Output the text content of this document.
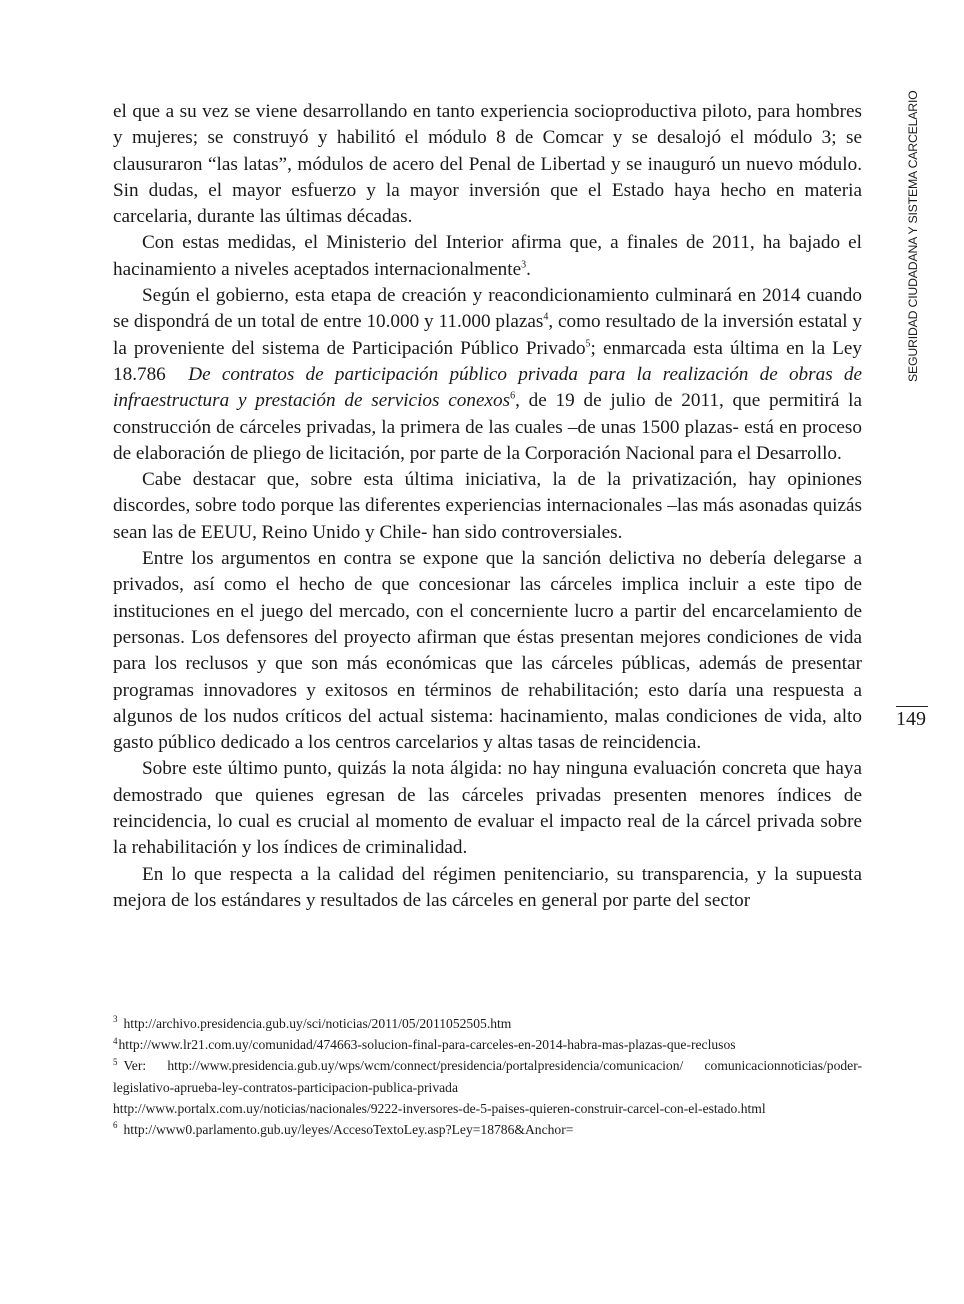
SEGURIDAD CIUDADANA Y SISTEMA CARCELARIO
149

el que a su vez se viene desarrollando en tanto experiencia socioproductiva piloto, para hombres y mujeres; se construyó y habilitó el módulo 8 de Comcar y se desalojó el módulo 3; se clausuraron “las latas”, módulos de acero del Penal de Libertad y se inauguró un nuevo módulo. Sin dudas, el mayor esfuerzo y la mayor inversión que el Estado haya hecho en materia carcelaria, durante las últimas décadas.

Con estas medidas, el Ministerio del Interior afirma que, a finales de 2011, ha bajado el hacinamiento a niveles aceptados internacionalmente$^3$.

Según el gobierno, esta etapa de creación y reacondicionamiento culminará en 2014 cuando se dispondrá de un total de entre 10.000 y 11.000 plazas$^4$, como resultado de la inversión estatal y la proveniente del sistema de Participación Público Privado$^5$; enmarcada esta última en la Ley 18.786  De contratos de participación público privada para la realización de obras de infraestructura y prestación de servicios conexos$^6$, de 19 de julio de 2011, que permitirá la construcción de cárceles privadas, la primera de las cuales –de unas 1500 plazas- está en proceso de elaboración de pliego de licitación, por parte de la Corporación Nacional para el Desarrollo.

Cabe destacar que, sobre esta última iniciativa, la de la privatización, hay opiniones discordes, sobre todo porque las diferentes experiencias internacionales –las más asonadas quizás sean las de EEUU, Reino Unido y Chile- han sido controversiales.

Entre los argumentos en contra se expone que la sanción delictiva no debería delegarse a privados, así como el hecho de que concesionar las cárceles implica incluir a este tipo de instituciones en el juego del mercado, con el concerniente lucro a partir del encarcelamiento de personas. Los defensores del proyecto afirman que éstas presentan mejores condiciones de vida para los reclusos y que son más económicas que las cárceles públicas, además de presentar programas innovadores y exitosos en términos de rehabilitación; esto daría una respuesta a algunos de los nudos críticos del actual sistema: hacinamiento, malas condiciones de vida, alto gasto público dedicado a los centros carcelarios y altas tasas de reincidencia.

Sobre este último punto, quizás la nota álgida: no hay ninguna evaluación concreta que haya demostrado que quienes egresan de las cárceles privadas presenten menores índices de reincidencia, lo cual es crucial al momento de evaluar el impacto real de la cárcel privada sobre la rehabilitación y los índices de criminalidad.

En lo que respecta a la calidad del régimen penitenciario, su transparencia, y la supuesta mejora de los estándares y resultados de las cárceles en general por parte del sector

$^3$ http://archivo.presidencia.gub.uy/sci/noticias/2011/05/2011052505.htm

$^4$http://www.lr21.com.uy/comunidad/474663-solucion-final-para-carceles-en-2014-habra-mas-plazas-que-reclusos

$^5$ Ver: http://www.presidencia.gub.uy/wps/wcm/connect/presidencia/portalpresidencia/comunicacion/ comunicacionnoticias/poder-legislativo-aprueba-ley-contratos-participacion-publica-privada

http://www.portalx.com.uy/noticias/nacionales/9222-inversores-de-5-paises-quieren-construir-carcel-con-el-estado.html

$^6$ http://www0.parlamento.gub.uy/leyes/AccesoTextoLey.asp?Ley=18786&Anchor=
